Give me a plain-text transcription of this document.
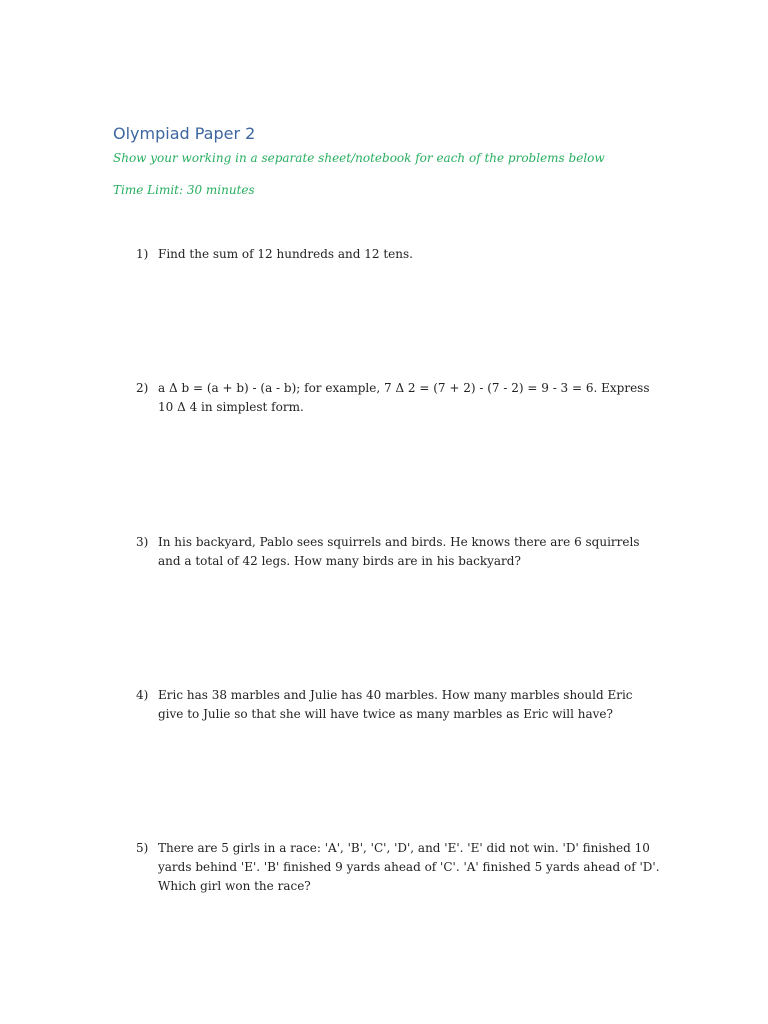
Olympiad Paper 2
Show your working in a separate sheet/notebook for each of the problems below
Time Limit: 30 minutes
1) Find the sum of 12 hundreds and 12 tens.
2) a Δ b = (a + b) - (a - b); for example, 7 Δ 2 = (7 + 2) - (7 - 2) = 9 - 3 = 6. Express 10 Δ 4 in simplest form.
3) In his backyard, Pablo sees squirrels and birds. He knows there are 6 squirrels and a total of 42 legs. How many birds are in his backyard?
4) Eric has 38 marbles and Julie has 40 marbles. How many marbles should Eric give to Julie so that she will have twice as many marbles as Eric will have?
5) There are 5 girls in a race: 'A', 'B', 'C', 'D', and 'E'. 'E' did not win. 'D' finished 10 yards behind 'E'. 'B' finished 9 yards ahead of 'C'. 'A' finished 5 yards ahead of 'D'. Which girl won the race?
